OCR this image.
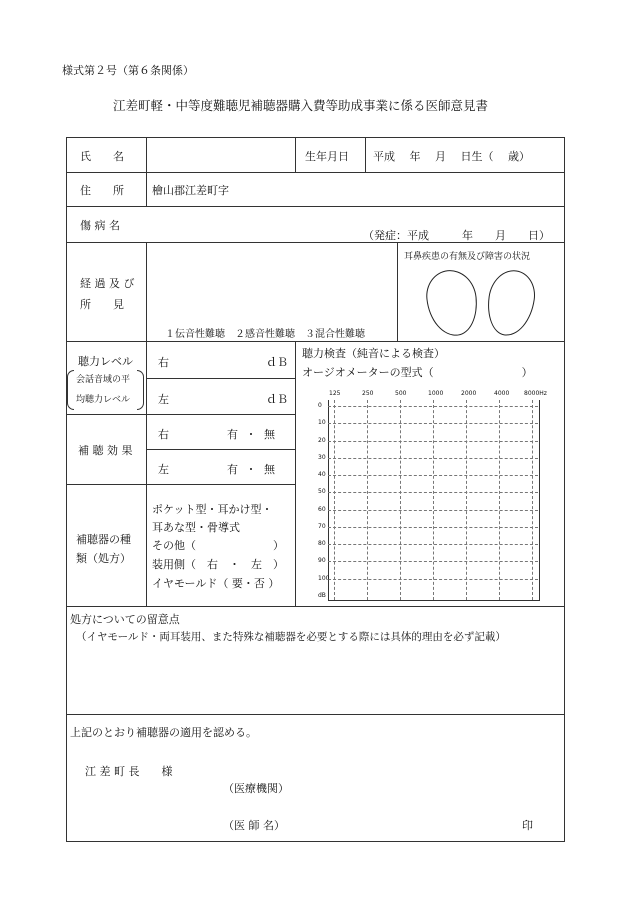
様式第２号（第６条関係）
江差町軽・中等度難聴児補聴器購入費等助成事業に係る医師意見書
氏　　名	生年月日 平成　 年　 月　 日生（　 歳）
住　　所	檜山郡江差町字
傷 病 名
（発症：平成　　　年　　月　　日）
経 過 及 び
所　　見
１伝音性難聴　２感音性難聴　３混合性難聴
耳鼻疾患の有無及び障害の状況
聴力レベル
会話音域の平
均聴力レベル
右	ｄＢ
左	ｄＢ
補 聴 効 果
右	有 ・ 無
左	有 ・ 無
補聴器の種
類（処方）
ポケット型・耳かけ型・
耳あな型・骨導式
その他（　　　　　　　）
装用側（　右　・　左　）
イヤモールド（ 要・否 ）
聴力検査（純音による検査）
オージオメーターの型式（　　　　　　　　）
125	250	500	1000	2000	4000 8000Hz
0
10
20
30
40
50
60
70
80
90
100
dB
処方についての留意点
（イヤモールド・両耳装用、また特殊な補聴器を必要とする際には具体的理由を必ず記載）
上記のとおり補聴器の適用を認める。
江 差 町 長　　様
（医療機関）
（医 師 名）	印
